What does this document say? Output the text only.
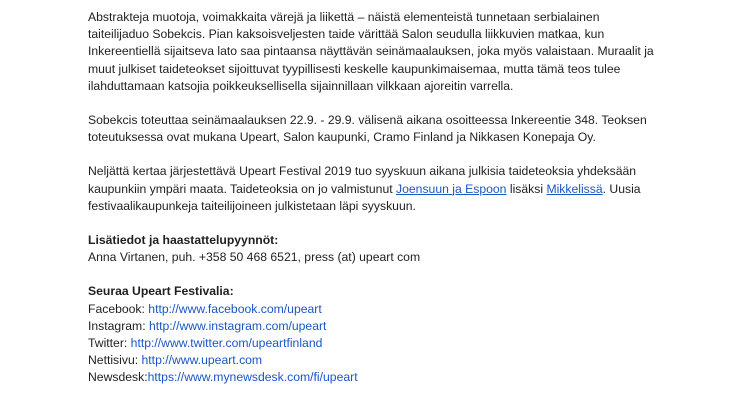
Abstrakteja muotoja, voimakkaita värejä ja liikettä – näistä elementeistä tunnetaan serbialainen
taiteilijaduo Sobekcis. Pian kaksoisveljesten taide värittää Salon seudulla liikkuvien matkaa, kun
Inkereentiellä sijaitseva lato saa pintaansa näyttävän seinämaalauksen, joka myös valaistaan. Muraalit ja
muut julkiset taideteokset sijoittuvat tyypillisesti keskelle kaupunkimaisemaa, mutta tämä teos tulee
ilahduttamaan katsojia poikkeuksellisella sijainnillaan vilkkaan ajoreitin varrella.

Sobekcis toteuttaa seinämaalauksen 22.9. - 29.9. välisenä aikana osoitteessa Inkereentie 348. Teoksen
toteutuksessa ovat mukana Upeart, Salon kaupunki, Cramo Finland ja Nikkasen Konepaja Oy.

Neljättä kertaa järjestettävä Upeart Festival 2019 tuo syyskuun aikana julkisia taideteoksia yhdeksään
kaupunkiin ympäri maata. Taideteoksia on jo valmistunut Joensuun ja Espoon lisäksi Mikkelissä. Uusia
festivaalikaupunkeja taiteilijoineen julkistetaan läpi syyskuun.

Lisätiedot ja haastattelupyynnöt:
Anna Virtanen, puh. +358 50 468 6521, press (at) upeart com

Seuraa Upeart Festivalia:
Facebook: http://www.facebook.com/upeart
Instagram: http://www.instagram.com/upeart
Twitter: http://www.twitter.com/upeartfinland
Nettisivu: http://www.upeart.com
Newsdesk:https://www.mynewsdesk.com/fi/upeart
